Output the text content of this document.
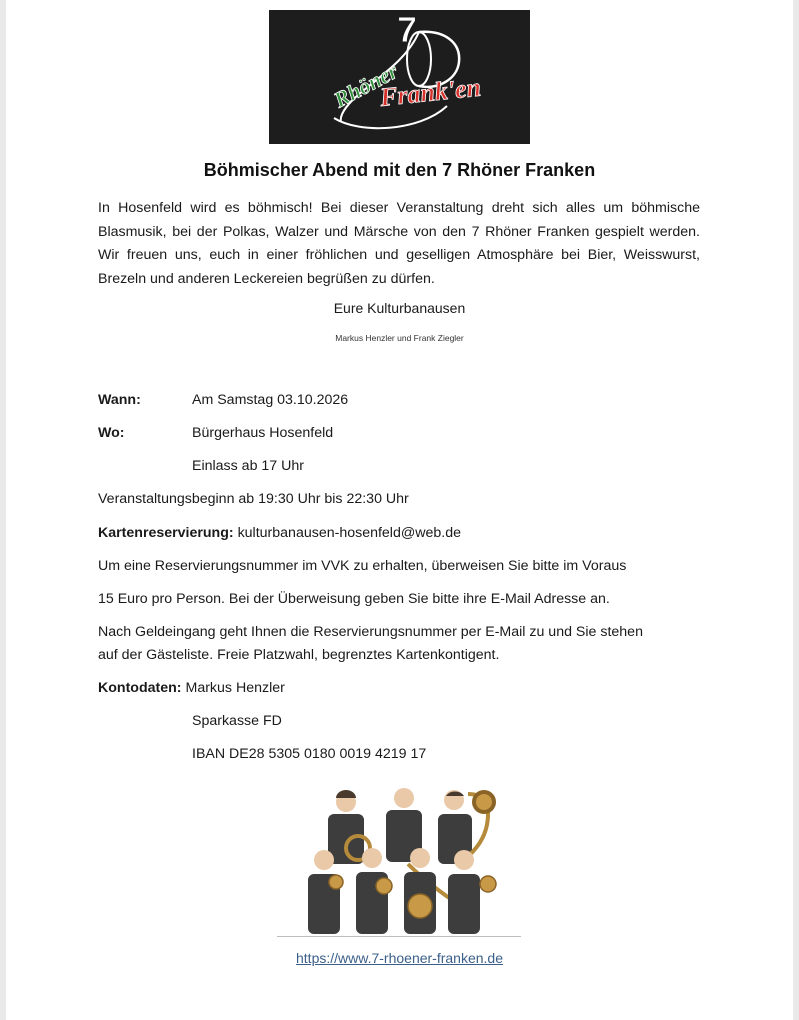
7
Rhöner
Frank'en
Böhmischer Abend mit den 7 Rhöner Franken
In Hosenfeld wird es böhmisch! Bei dieser Veranstaltung dreht sich alles um böhmische Blasmusik, bei der Polkas, Walzer und Märsche von den 7 Rhöner Franken gespielt werden. Wir freuen uns, euch in einer fröhlichen und geselligen Atmosphäre bei Bier, Weisswurst, Brezeln und anderen Leckereien begrüßen zu dürfen.
Eure Kulturbanausen
Markus Henzler und Frank Ziegler
Wann:	Am Samstag 03.10.2026
Wo:	Bürgerhaus Hosenfeld
Einlass ab 17 Uhr
Veranstaltungsbeginn ab 19:30 Uhr bis 22:30 Uhr
Kartenreservierung: kulturbanausen-hosenfeld@web.de
Um eine Reservierungsnummer im VVK zu erhalten, überweisen Sie bitte im Voraus
15 Euro pro Person. Bei der Überweisung geben Sie bitte ihre E-Mail Adresse an.
Nach Geldeingang geht Ihnen die Reservierungsnummer per E-Mail zu und Sie stehen
auf der Gästeliste. Freie Platzwahl, begrenztes Kartenkontigent.
Kontodaten: Markus Henzler
Sparkasse FD
IBAN DE28 5305 0180 0019 4219 17
https://www.7-rhoener-franken.de
